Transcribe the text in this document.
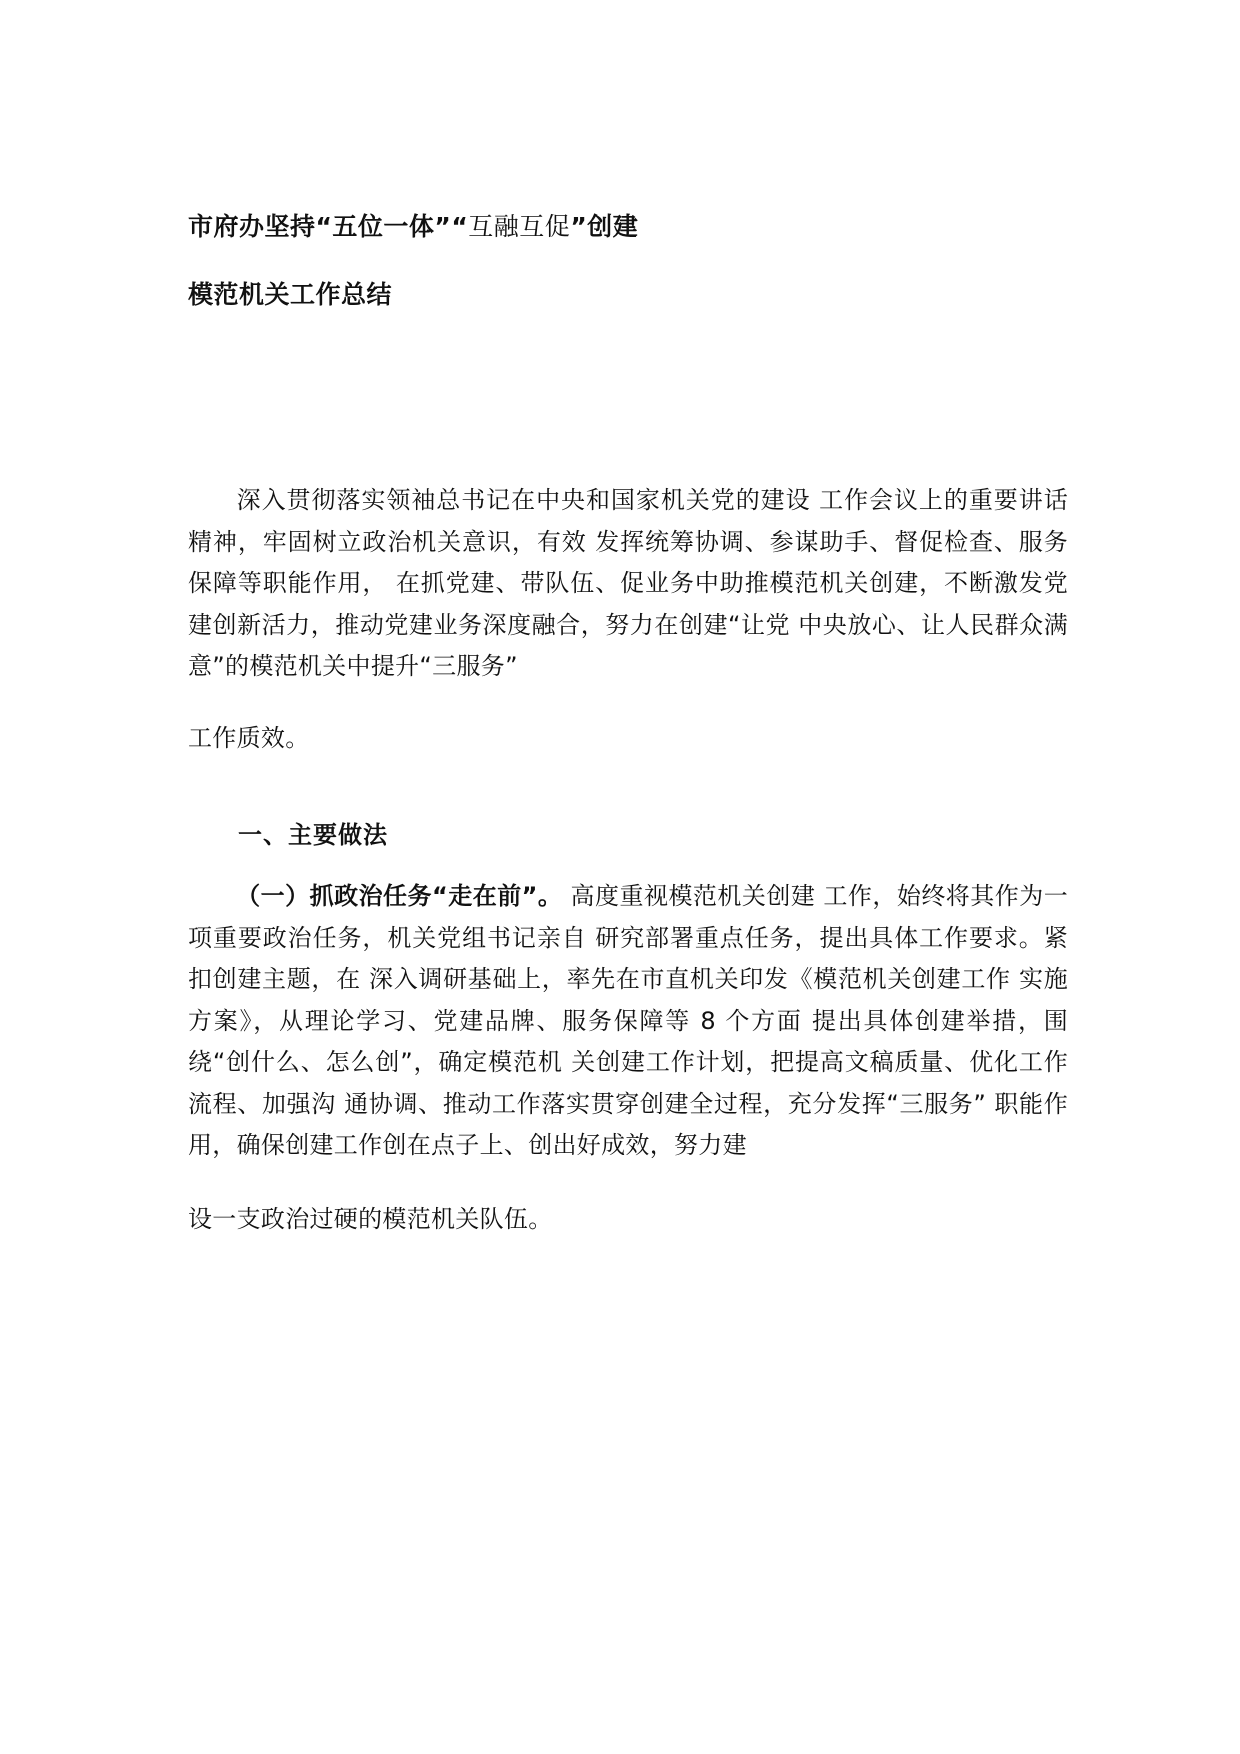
市府办坚持“五位一体”“互融互促”创建
模范机关工作总结
深入贯彻落实领袖总书记在中央和国家机关党的建设 工作会议上的重要讲话精神，牢固树立政治机关意识，有效 发挥统筹协调、参谋助手、督促检查、服务保障等职能作用， 在抓党建、带队伍、促业务中助推模范机关创建，不断激发党建创新活力，推动党建业务深度融合，努力在创建“让党 中央放心、让人民群众满意”的模范机关中提升“三服务”
工作质效。
一、主要做法
（一）抓政治任务“走在前”。 高度重视模范机关创建 工作，始终将其作为一项重要政治任务，机关党组书记亲自 研究部署重点任务，提出具体工作要求。紧扣创建主题，在 深入调研基础上，率先在市直机关印发《模范机关创建工作 实施方案》，从理论学习、党建品牌、服务保障等 8 个方面 提出具体创建举措，围绕“创什么、怎么创”，确定模范机 关创建工作计划，把提高文稿质量、优化工作流程、加强沟 通协调、推动工作落实贯穿创建全过程，充分发挥“三服务” 职能作用，确保创建工作创在点子上、创出好成效，努力建
设一支政治过硬的模范机关队伍。
